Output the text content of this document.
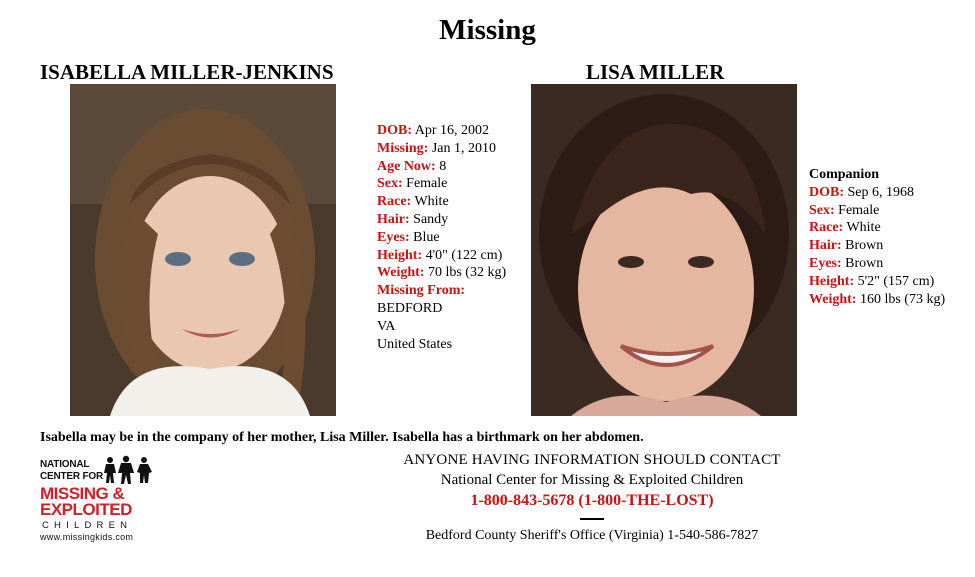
Missing
ISABELLA MILLER-JENKINS	LISA MILLER
DOB: Apr 16, 2002
Missing: Jan 1, 2010
Age Now: 8
Sex: Female
Race: White
Hair: Sandy
Eyes: Blue
Height: 4'0" (122 cm)
Weight: 70 lbs (32 kg)
Missing From:
BEDFORD
VA
United States
Companion
DOB: Sep 6, 1968
Sex: Female
Race: White
Hair: Brown
Eyes: Brown
Height: 5'2" (157 cm)
Weight: 160 lbs (73 kg)
Isabella may be in the company of her mother, Lisa Miller. Isabella has a birthmark on her abdomen.
NATIONAL
CENTER FOR
MISSING &
EXPLOITED
CHILDREN
www.missingkids.com
ANYONE HAVING INFORMATION SHOULD CONTACT
National Center for Missing & Exploited Children
1-800-843-5678 (1-800-THE-LOST)
Bedford County Sheriff's Office (Virginia) 1-540-586-7827
